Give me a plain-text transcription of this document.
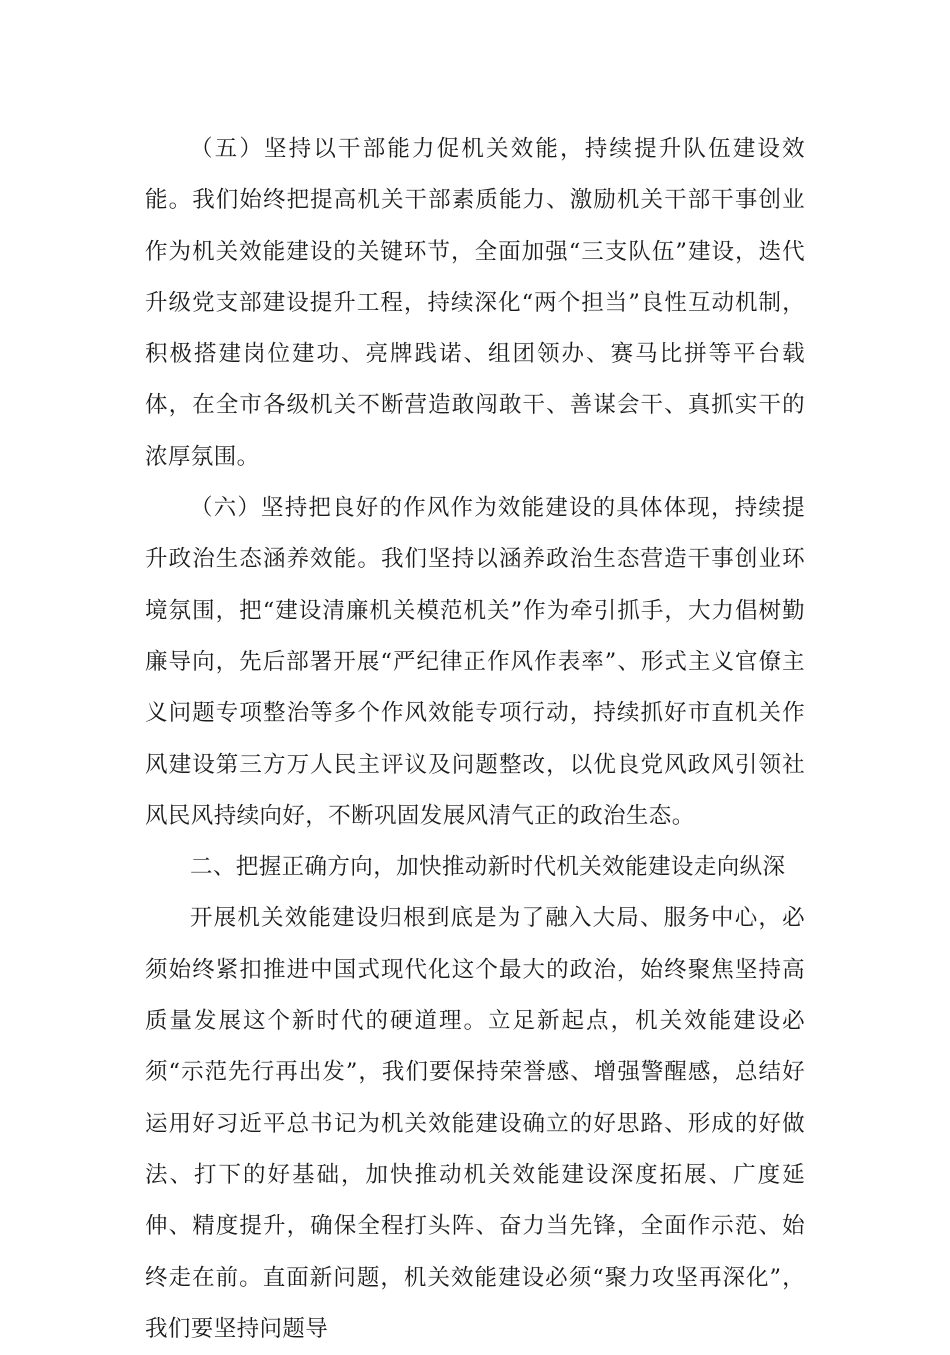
（五）坚持以干部能力促机关效能，持续提升队伍建设效能。我们始终把提高机关干部素质能力、激励机关干部干事创业作为机关效能建设的关键环节，全面加强“三支队伍”建设，迭代升级党支部建设提升工程，持续深化“两个担当”良性互动机制，积极搭建岗位建功、亮牌践诺、组团领办、赛马比拼等平台载体，在全市各级机关不断营造敢闯敢干、善谋会干、真抓实干的浓厚氛围。

（六）坚持把良好的作风作为效能建设的具体体现，持续提升政治生态涵养效能。我们坚持以涵养政治生态营造干事创业环境氛围，把“建设清廉机关模范机关”作为牵引抓手，大力倡树勤廉导向，先后部署开展“严纪律正作风作表率”、形式主义官僚主义问题专项整治等多个作风效能专项行动，持续抓好市直机关作风建设第三方万人民主评议及问题整改，以优良党风政风引领社风民风持续向好，不断巩固发展风清气正的政治生态。

二、把握正确方向，加快推动新时代机关效能建设走向纵深

开展机关效能建设归根到底是为了融入大局、服务中心，必须始终紧扣推进中国式现代化这个最大的政治，始终聚焦坚持高质量发展这个新时代的硬道理。立足新起点，机关效能建设必须“示范先行再出发”，我们要保持荣誉感、增强警醒感，总结好运用好习近平总书记为机关效能建设确立的好思路、形成的好做法、打下的好基础，加快推动机关效能建设深度拓展、广度延伸、精度提升，确保全程打头阵、奋力当先锋，全面作示范、始终走在前。直面新问题，机关效能建设必须“聚力攻坚再深化”，我们要坚持问题导
